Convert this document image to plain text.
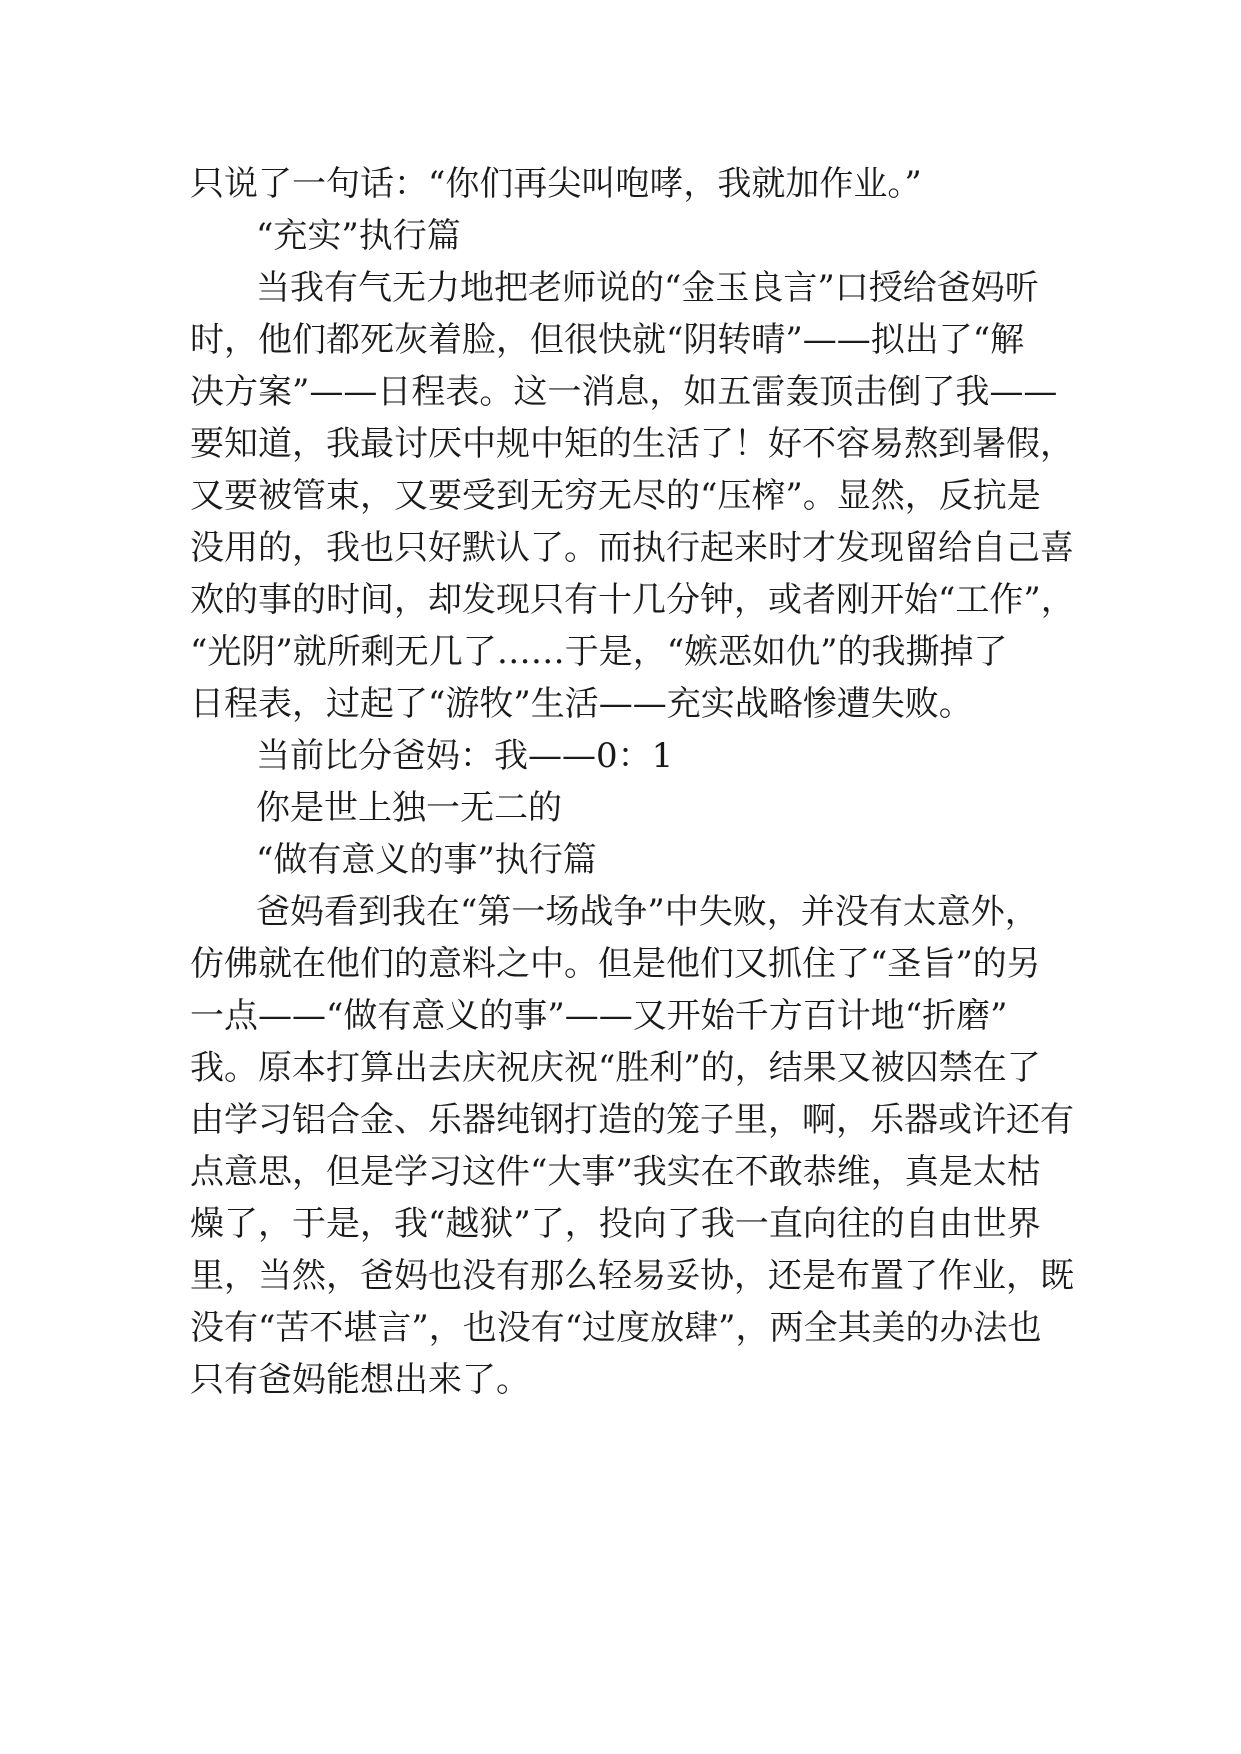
只说了一句话：“你们再尖叫咆哮，我就加作业。”
“充实”执行篇
当我有气无力地把老师说的“金玉良言”口授给爸妈听
时，他们都死灰着脸，但很快就“阴转晴”——拟出了“解
决方案”——日程表。这一消息，如五雷轰顶击倒了我——
要知道，我最讨厌中规中矩的生活了！好不容易熬到暑假，
又要被管束，又要受到无穷无尽的“压榨”。显然，反抗是
没用的，我也只好默认了。而执行起来时才发现留给自己喜
欢的事的时间，却发现只有十几分钟，或者刚开始“工作”，
“光阴”就所剩无几了……于是，“嫉恶如仇”的我撕掉了
日程表，过起了“游牧”生活——充实战略惨遭失败。
当前比分爸妈：我——0：1
你是世上独一无二的
“做有意义的事”执行篇
爸妈看到我在“第一场战争”中失败，并没有太意外，
仿佛就在他们的意料之中。但是他们又抓住了“圣旨”的另
一点——“做有意义的事”——又开始千方百计地“折磨”
我。原本打算出去庆祝庆祝“胜利”的，结果又被囚禁在了
由学习铝合金、乐器纯钢打造的笼子里，啊，乐器或许还有
点意思，但是学习这件“大事”我实在不敢恭维，真是太枯
燥了，于是，我“越狱”了，投向了我一直向往的自由世界
里，当然，爸妈也没有那么轻易妥协，还是布置了作业，既
没有“苦不堪言”，也没有“过度放肆”，两全其美的办法也
只有爸妈能想出来了。
